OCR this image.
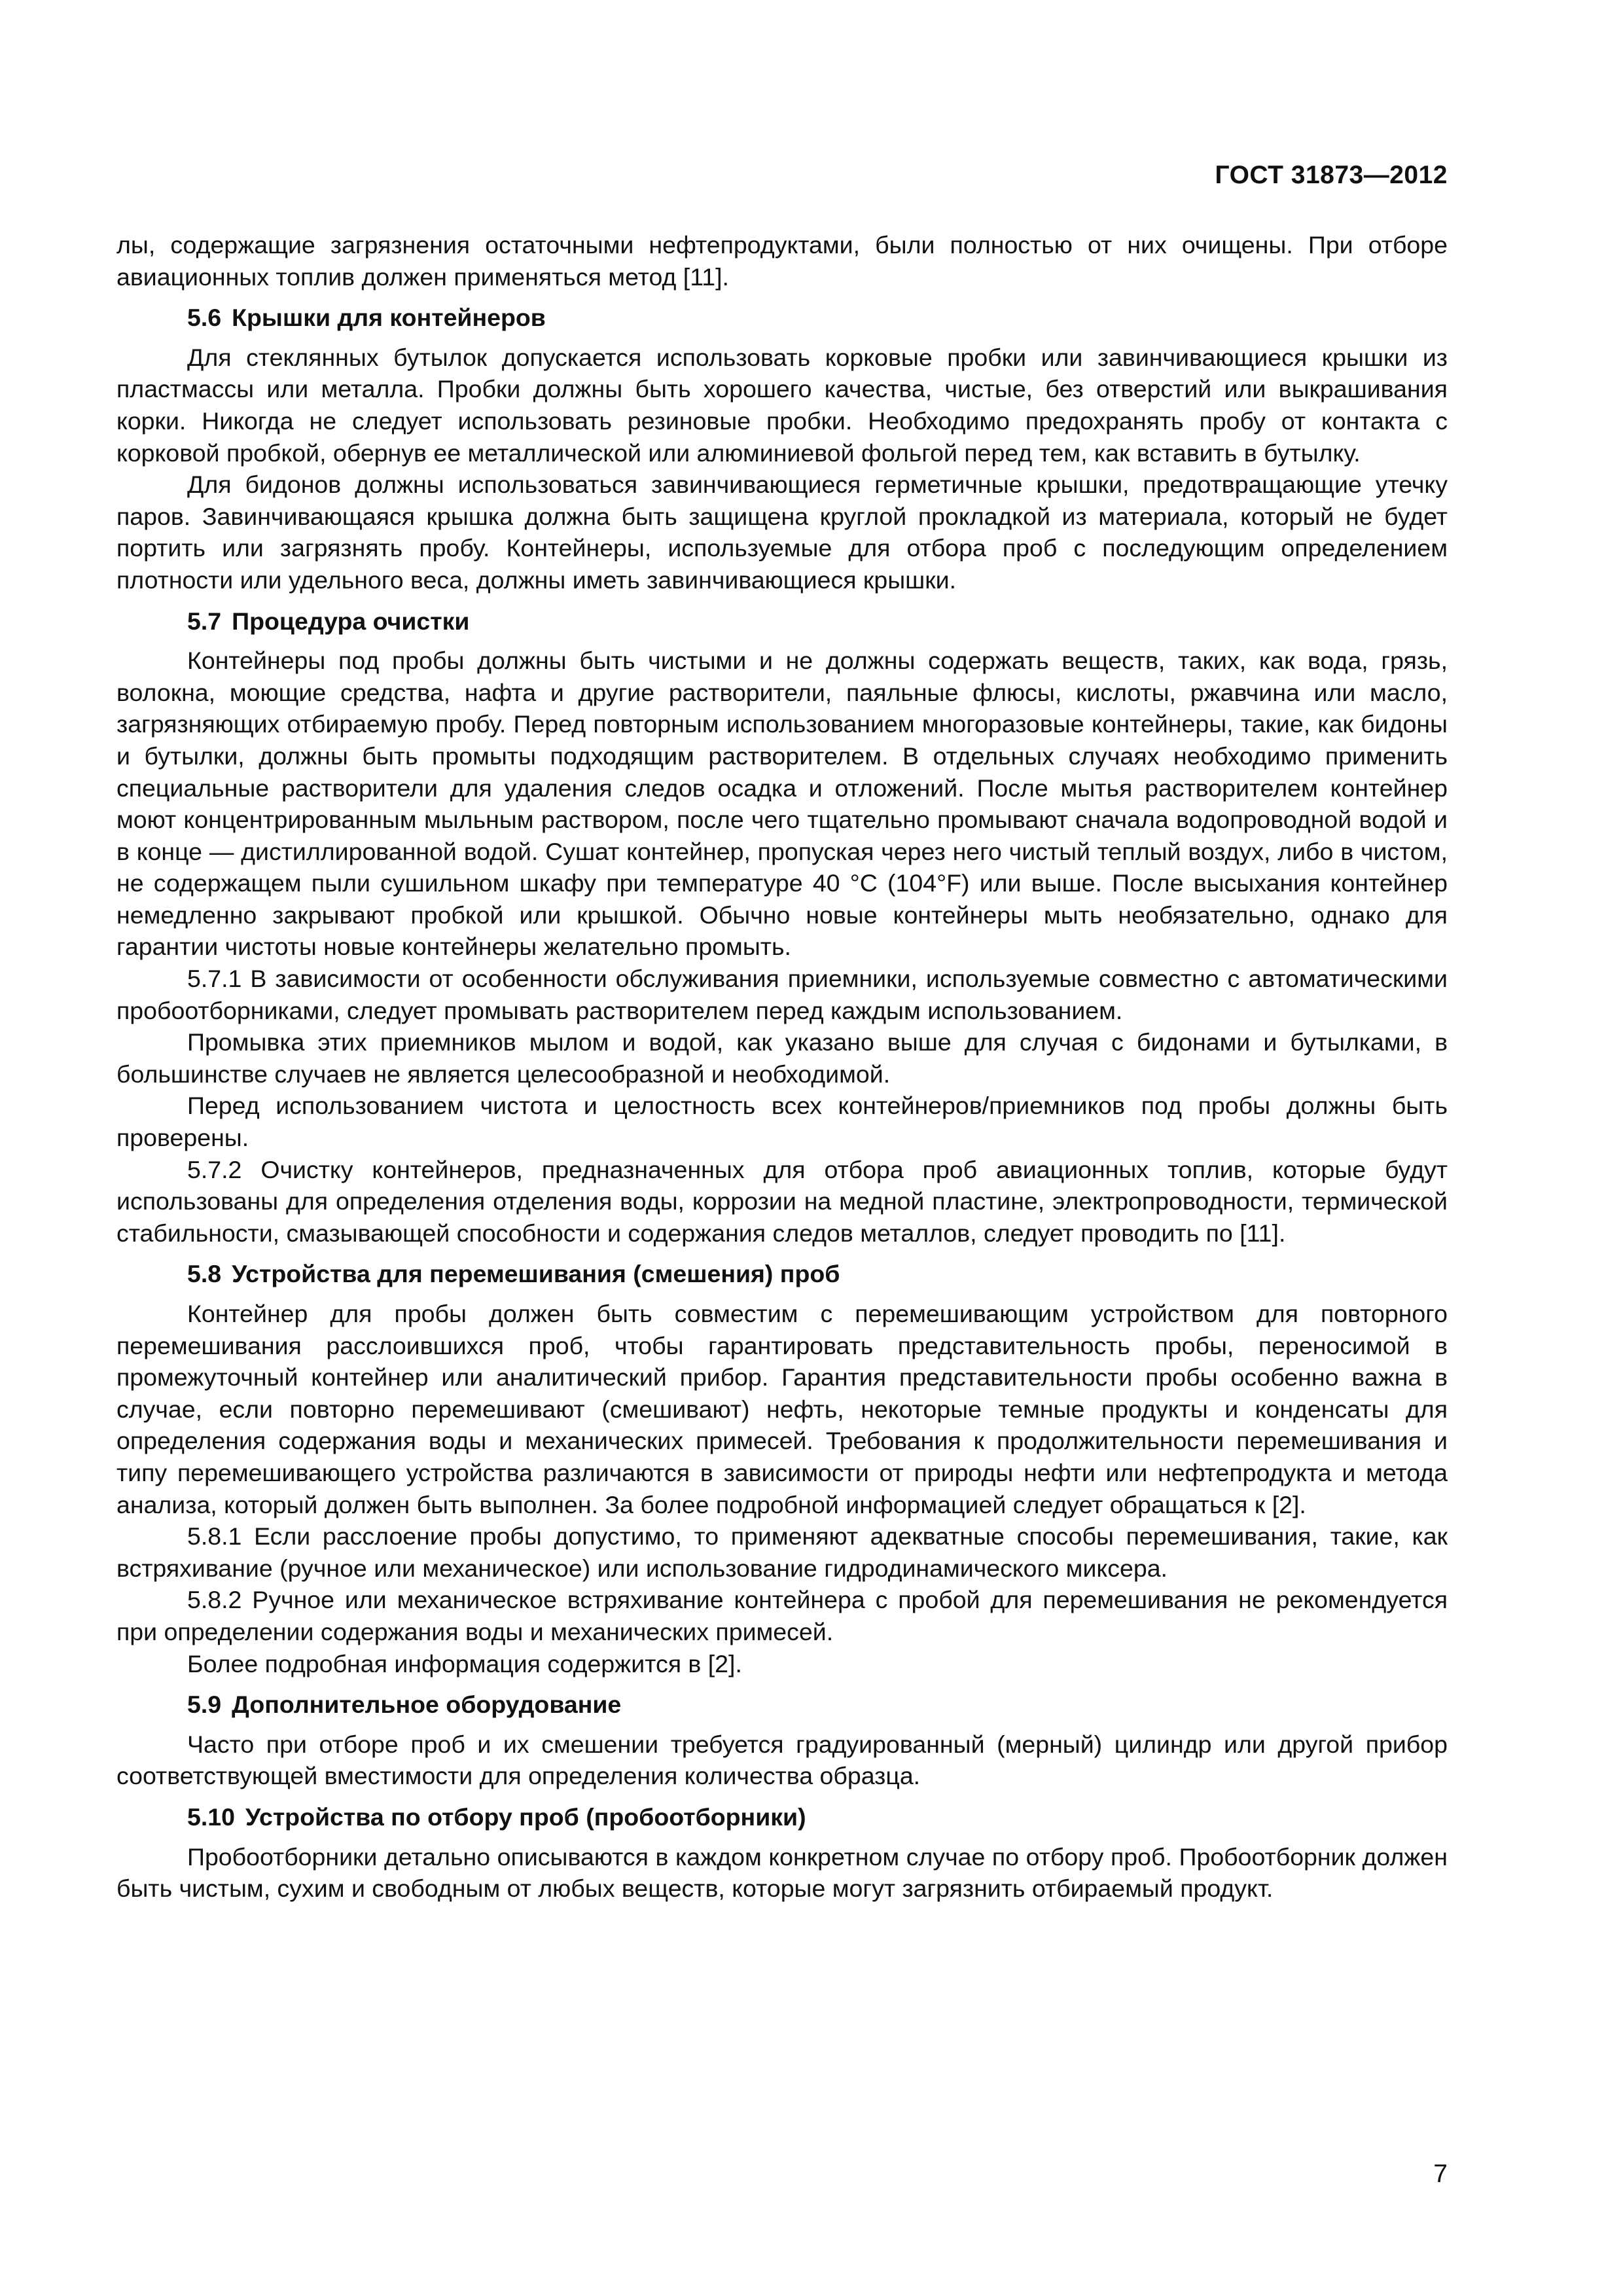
ГОСТ 31873—2012

лы, содержащие загрязнения остаточными нефтепродуктами, были полностью от них очищены. При отборе авиационных топлив должен применяться метод [11].

5.6 Крышки для контейнеров

Для стеклянных бутылок допускается использовать корковые пробки или завинчивающиеся крышки из пластмассы или металла. Пробки должны быть хорошего качества, чистые, без отверстий или выкрашивания корки. Никогда не следует использовать резиновые пробки. Необходимо предохранять пробу от контакта с корковой пробкой, обернув ее металлической или алюминиевой фольгой перед тем, как вставить в бутылку.

Для бидонов должны использоваться завинчивающиеся герметичные крышки, предотвращающие утечку паров. Завинчивающаяся крышка должна быть защищена круглой прокладкой из материала, который не будет портить или загрязнять пробу. Контейнеры, используемые для отбора проб с последующим определением плотности или удельного веса, должны иметь завинчивающиеся крышки.

5.7 Процедура очистки

Контейнеры под пробы должны быть чистыми и не должны содержать веществ, таких, как вода, грязь, волокна, моющие средства, нафта и другие растворители, паяльные флюсы, кислоты, ржавчина или масло, загрязняющих отбираемую пробу. Перед повторным использованием многоразовые контейнеры, такие, как бидоны и бутылки, должны быть промыты подходящим растворителем. В отдельных случаях необходимо применить специальные растворители для удаления следов осадка и отложений. После мытья растворителем контейнер моют концентрированным мыльным раствором, после чего тщательно промывают сначала водопроводной водой и в конце — дистиллированной водой. Сушат контейнер, пропуская через него чистый теплый воздух, либо в чистом, не содержащем пыли сушильном шкафу при температуре 40 °C (104°F) или выше. После высыхания контейнер немедленно закрывают пробкой или крышкой. Обычно новые контейнеры мыть необязательно, однако для гарантии чистоты новые контейнеры желательно промыть.

5.7.1 В зависимости от особенности обслуживания приемники, используемые совместно с автоматическими пробоотборниками, следует промывать растворителем перед каждым использованием.

Промывка этих приемников мылом и водой, как указано выше для случая с бидонами и бутылками, в большинстве случаев не является целесообразной и необходимой.

Перед использованием чистота и целостность всех контейнеров/приемников под пробы должны быть проверены.

5.7.2 Очистку контейнеров, предназначенных для отбора проб авиационных топлив, которые будут использованы для определения отделения воды, коррозии на медной пластине, электропроводности, термической стабильности, смазывающей способности и содержания следов металлов, следует проводить по [11].

5.8 Устройства для перемешивания (смешения) проб

Контейнер для пробы должен быть совместим с перемешивающим устройством для повторного перемешивания расслоившихся проб, чтобы гарантировать представительность пробы, переносимой в промежуточный контейнер или аналитический прибор. Гарантия представительности пробы особенно важна в случае, если повторно перемешивают (смешивают) нефть, некоторые темные продукты и конденсаты для определения содержания воды и механических примесей. Требования к продолжительности перемешивания и типу перемешивающего устройства различаются в зависимости от природы нефти или нефтепродукта и метода анализа, который должен быть выполнен. За более подробной информацией следует обращаться к [2].

5.8.1 Если расслоение пробы допустимо, то применяют адекватные способы перемешивания, такие, как встряхивание (ручное или механическое) или использование гидродинамического миксера.

5.8.2 Ручное или механическое встряхивание контейнера с пробой для перемешивания не рекомендуется при определении содержания воды и механических примесей.

Более подробная информация содержится в [2].

5.9 Дополнительное оборудование

Часто при отборе проб и их смешении требуется градуированный (мерный) цилиндр или другой прибор соответствующей вместимости для определения количества образца.

5.10 Устройства по отбору проб (пробоотборники)

Пробоотборники детально описываются в каждом конкретном случае по отбору проб. Пробоотборник должен быть чистым, сухим и свободным от любых веществ, которые могут загрязнить отбираемый продукт.

7
